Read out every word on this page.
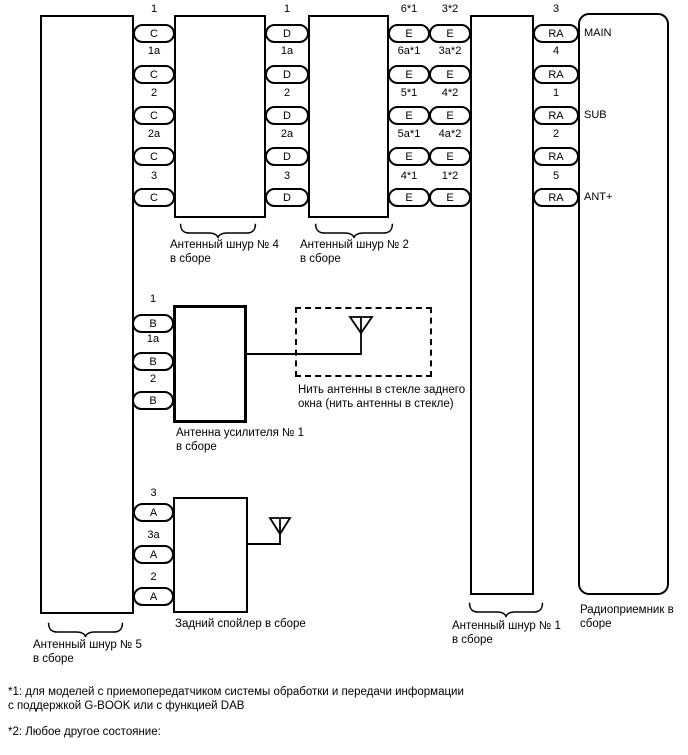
1
C
1a
C
2
C
2a
C
3
C
1
D
1a
D
2
D
2a
D
3
D
6*1
E
6a*1
E
5*1
E
5a*1
E
4*1
E
3*2
E
3a*2
E
4*2
E
4a*2
E
1*2
E
3
RA
4
RA
1
RA
2
RA
5
RA
1
B
1a
B
2
B
3
A
3a
A
2
A
MAIN
SUB
ANT+
Антенный шнур № 4
в сборе
Антенный шнур № 2
в сборе
Антенна усилителя № 1
в сборе
Нить антенны в стекле заднего
окна (нить антенны в стекле)
Задний спойлер в сборе	Антенный шнур № 1
в сборе
Радиоприемник в
сборе
Антенный шнур № 5
в сборе
*1: для моделей с приемопередатчиком системы обработки и передачи информации
с поддержкой G-BOOK или с функцией DAB
*2: Любое другое состояние:
